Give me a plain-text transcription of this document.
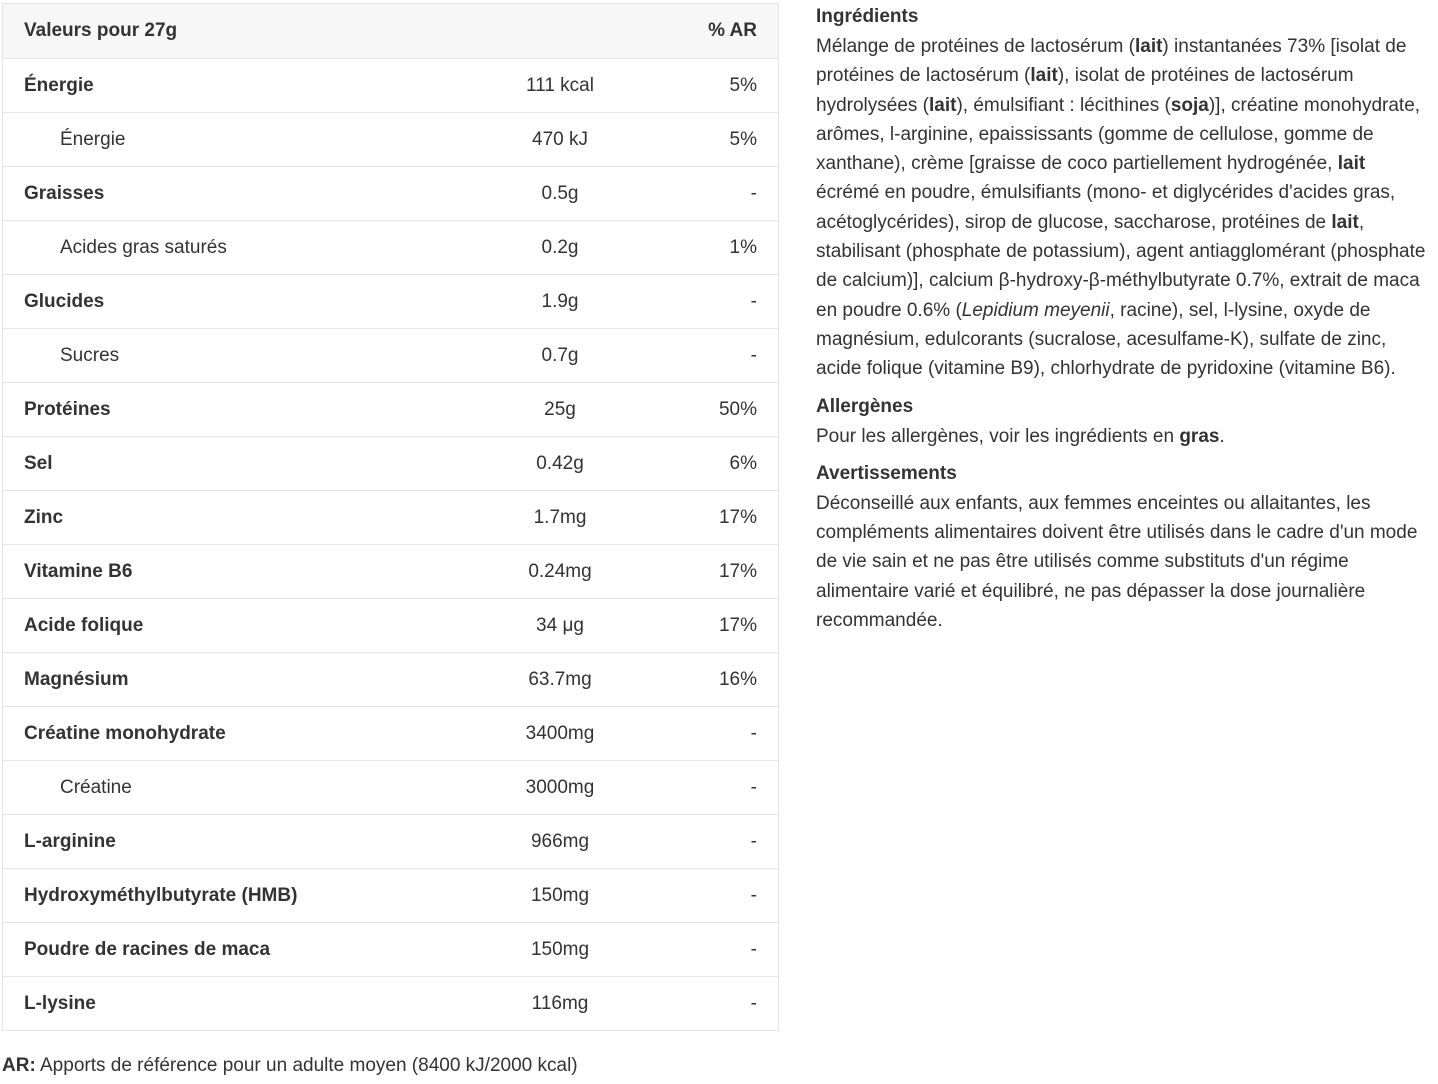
Valeurs pour 27g		% AR
Énergie	111 kcal	5%
Énergie	470 kJ	5%
Graisses	0.5g	-
Acides gras saturés	0.2g	1%
Glucides	1.9g	-
Sucres	0.7g	-
Protéines	25g	50%
Sel	0.42g	6%
Zinc	1.7mg	17%
Vitamine B6	0.24mg	17%
Acide folique	34 μg	17%
Magnésium	63.7mg	16%
Créatine monohydrate	3400mg	-
Créatine	3000mg	-
L-arginine	966mg	-
Hydroxyméthylbutyrate (HMB)	150mg	-
Poudre de racines de maca	150mg	-
L-lysine	116mg	-
AR: Apports de référence pour un adulte moyen (8400 kJ/2000 kcal)
Ingrédients

Mélange de protéines de lactosérum (lait) instantanées 73% [isolat de protéines de lactosérum (lait), isolat de protéines de lactosérum hydrolysées (lait), émulsifiant : lécithines (soja)], créatine monohydrate, arômes, l-arginine, epaississants (gomme de cellulose, gomme de xanthane), crème [graisse de coco partiellement hydrogénée, lait écrémé en poudre, émulsifiants (mono- et diglycérides d'acides gras, acétoglycérides), sirop de glucose, saccharose, protéines de lait, stabilisant (phosphate de potassium), agent antiagglomérant (phosphate de calcium)], calcium β-hydroxy-β-méthylbutyrate 0.7%, extrait de maca en poudre 0.6% (Lepidium meyenii, racine), sel, l-lysine, oxyde de magnésium, edulcorants (sucralose, acesulfame-K), sulfate de zinc, acide folique (vitamine B9), chlorhydrate de pyridoxine (vitamine B6).

Allergènes

Pour les allergènes, voir les ingrédients en gras.

Avertissements

Déconseillé aux enfants, aux femmes enceintes ou allaitantes, les compléments alimentaires doivent être utilisés dans le cadre d'un mode de vie sain et ne pas être utilisés comme substituts d'un régime alimentaire varié et équilibré, ne pas dépasser la dose journalière recommandée.
